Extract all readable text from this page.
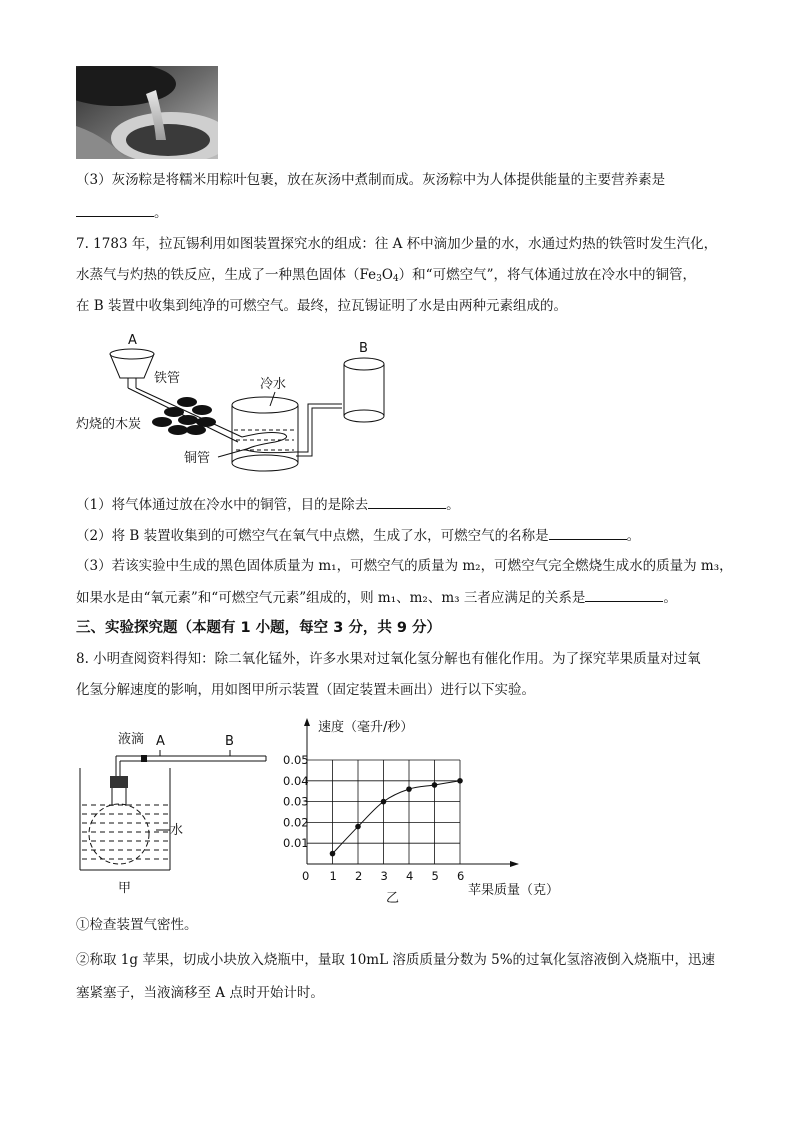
（3）灰汤粽是将糯米用粽叶包裹，放在灰汤中煮制而成。灰汤粽中为人体提供能量的主要营养素是
。
7. 1783 年，拉瓦锡利用如图装置探究水的组成：往 A 杯中滴加少量的水，水通过灼热的铁管时发生汽化，
水蒸气与灼热的铁反应，生成了一种黑色固体$(Fe_3O_4)$和“可燃空气”，将气体通过放在冷水中的铜管，
在 B 装置中收集到纯净的可燃空气。最终，拉瓦锡证明了水是由两种元素组成的。
A
铁管
灼烧的木炭
冷水
铜管
B
（1）将气体通过放在冷水中的铜管，目的是除去	。
（2）将 B 装置收集到的可燃空气在氧气中点燃，生成了水，可燃空气的名称是	。
（3）若该实验中生成的黑色固体质量为 m₁，可燃空气的质量为 m₂，可燃空气完全燃烧生成水的质量为 m₃，
如果水是由“氧元素”和“可燃空气元素”组成的，则 m₁、m₂、m₃ 三者应满足的关系是	。
三、实验探究题（本题有 1 小题，每空 3 分，共 9 分）
8. 小明查阅资料得知：除二氧化锰外，许多水果对过氧化氢分解也有催化作用。为了探究苹果质量对过氧
化氢分解速度的影响，用如图甲所示装置（固定装置未画出）进行以下实验。
液滴 A	B
水
甲
0.01
0.02
0.03
0.04
0.05
1 2 3 4 5 6
速度（毫升/秒）
苹果质量（克）
0
乙
①检查装置气密性。
②称取 1g 苹果，切成小块放入烧瓶中，量取 10mL 溶质质量分数为 5%的过氧化氢溶液倒入烧瓶中，迅速
塞紧塞子，当液滴移至 A 点时开始计时。
